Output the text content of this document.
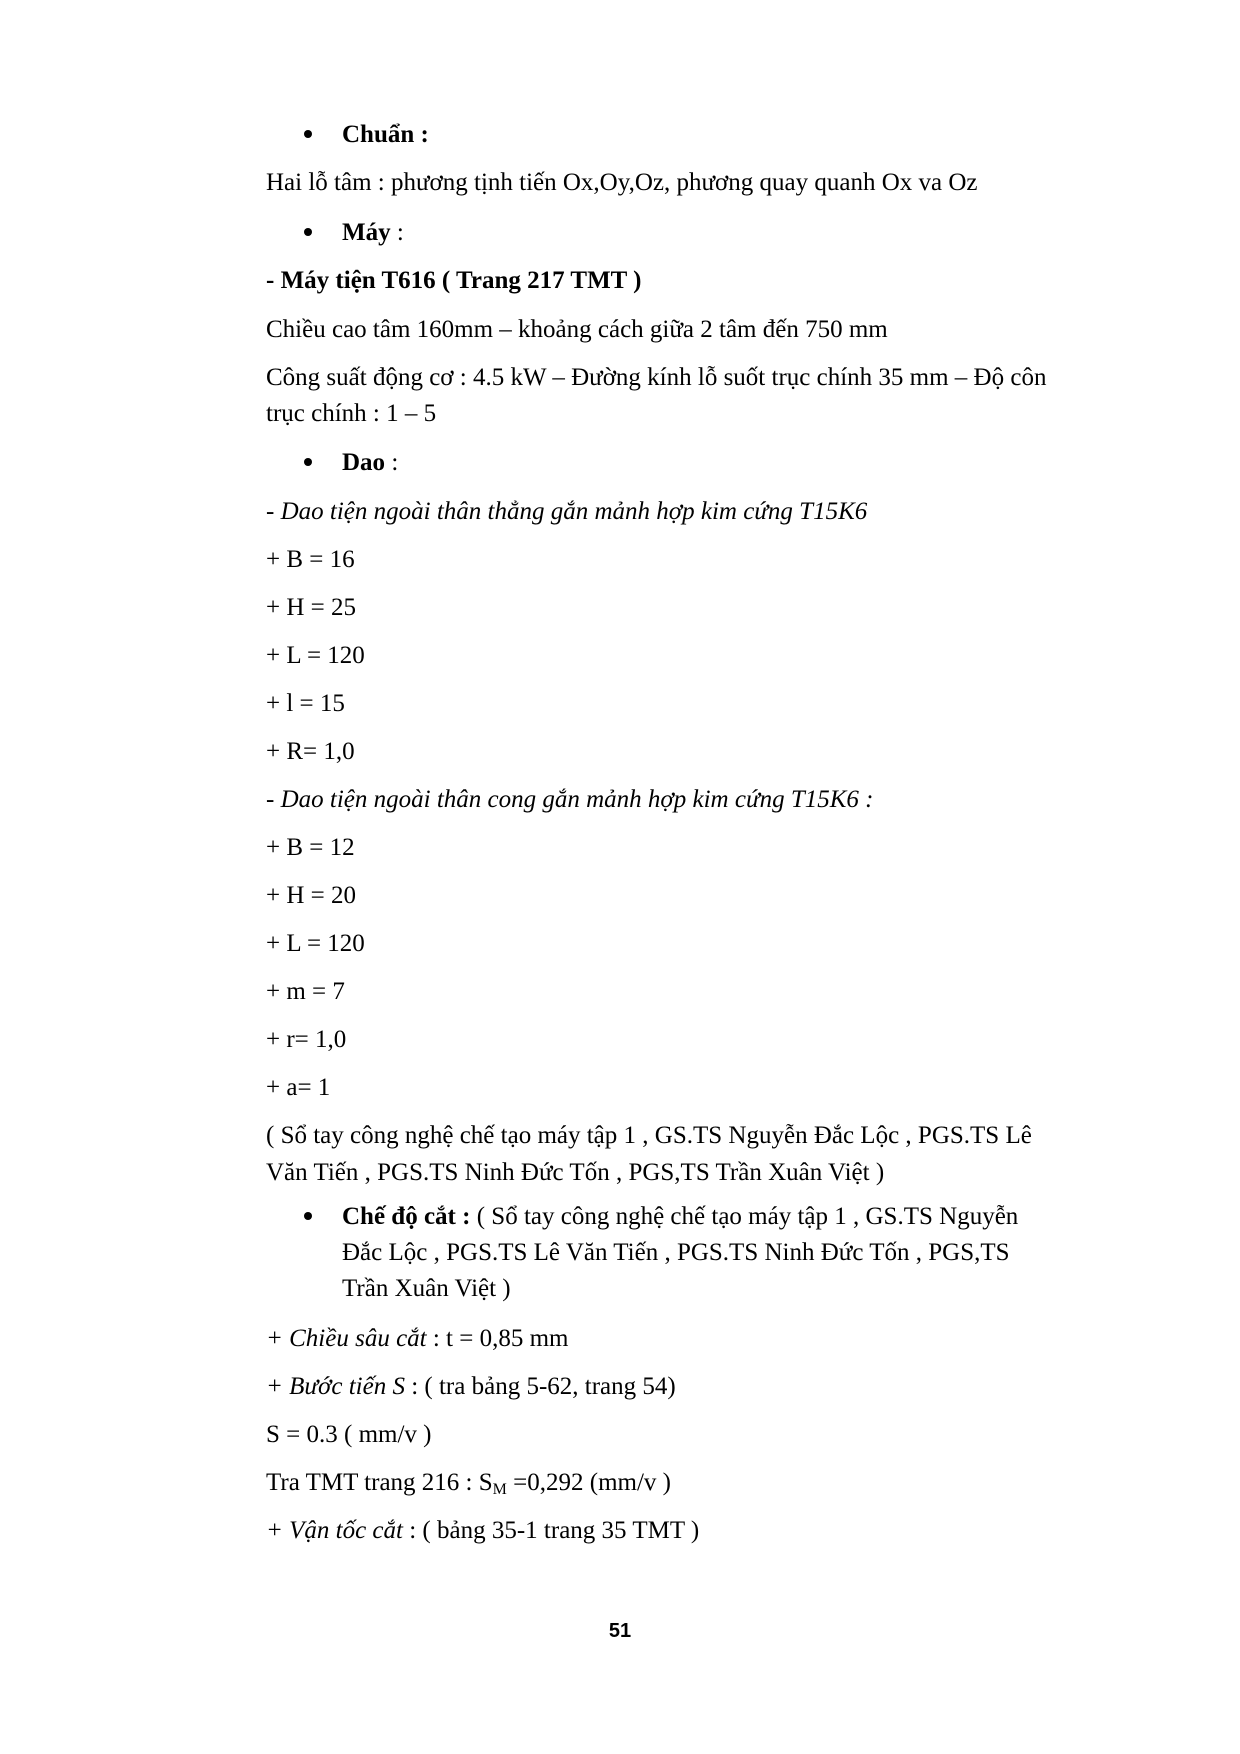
Chuẩn :
Hai lỗ tâm : phương tịnh tiến Ox,Oy,Oz, phương quay quanh Ox va Oz
Máy :
- Máy tiện T616 ( Trang 217 TMT )
Chiều cao tâm 160mm – khoảng cách giữa 2 tâm đến 750 mm
Công suất động cơ : 4.5 kW – Đường kính lỗ suốt trục chính 35 mm – Độ côn
trục chính : 1 – 5
Dao :
- Dao tiện ngoài thân thẳng gắn mảnh hợp kim cứng T15K6
+ B = 16
+ H = 25
+ L = 120
+ l = 15
+ R= 1,0
- Dao tiện ngoài thân cong gắn mảnh hợp kim cứng T15K6 :
+ B = 12
+ H = 20
+ L = 120
+ m = 7
+ r= 1,0
+ a= 1
( Sổ tay công nghệ chế tạo máy tập 1 , GS.TS Nguyễn Đắc Lộc , PGS.TS Lê
Văn Tiến , PGS.TS Ninh Đức Tốn , PGS,TS Trần Xuân Việt )
Chế độ cắt : ( Sổ tay công nghệ chế tạo máy tập 1 , GS.TS Nguyễn
Đắc Lộc , PGS.TS Lê Văn Tiến , PGS.TS Ninh Đức Tốn , PGS,TS
Trần Xuân Việt )
+ Chiều sâu cắt : t = 0,85 mm
+ Bước tiến S : ( tra bảng 5-62, trang 54)
S = 0.3 ( mm/v )
Tra TMT trang 216 : $S_M =0,292$ (mm/v )
+ Vận tốc cắt : ( bảng 35-1 trang 35 TMT )
51
